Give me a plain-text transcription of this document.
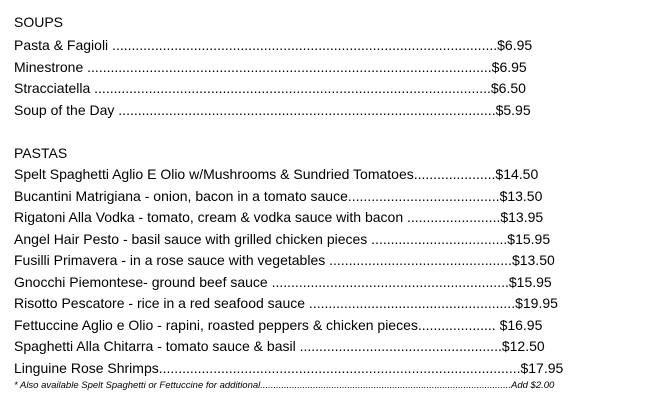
SOUPS
Pasta & Fagioli ...................................................................................................$6.95
Minestrone ........................................................................................................$6.95
Stracciatella ......................................................................................................$6.50
Soup of the Day .................................................................................................$5.95
PASTAS
Spelt Spaghetti Aglio E Olio w/Mushrooms & Sundried Tomatoes.....................$14.50
Bucantini Matrigiana - onion, bacon in a tomato sauce.......................................$13.50
Rigatoni Alla Vodka - tomato, cream & vodka sauce with bacon ........................$13.95
Angel Hair Pesto - basil sauce with grilled chicken pieces ...................................$15.95
Fusilli Primavera - in a rose sauce with vegetables ...............................................$13.50
Gnocchi Piemontese- ground beef sauce .............................................................$15.95
Risotto Pescatore - rice in a red seafood sauce .....................................................$19.95
Fettuccine Aglio e Olio - rapini, roasted peppers & chicken pieces.................... $16.95
Spaghetti Alla Chitarra - tomato sauce & basil ....................................................$12.50
Linguine Rose Shrimps.............................................................................................$17.95
* Also available Spelt Spaghetti or Fettuccine for additional...............................................................................................Add $2.00
